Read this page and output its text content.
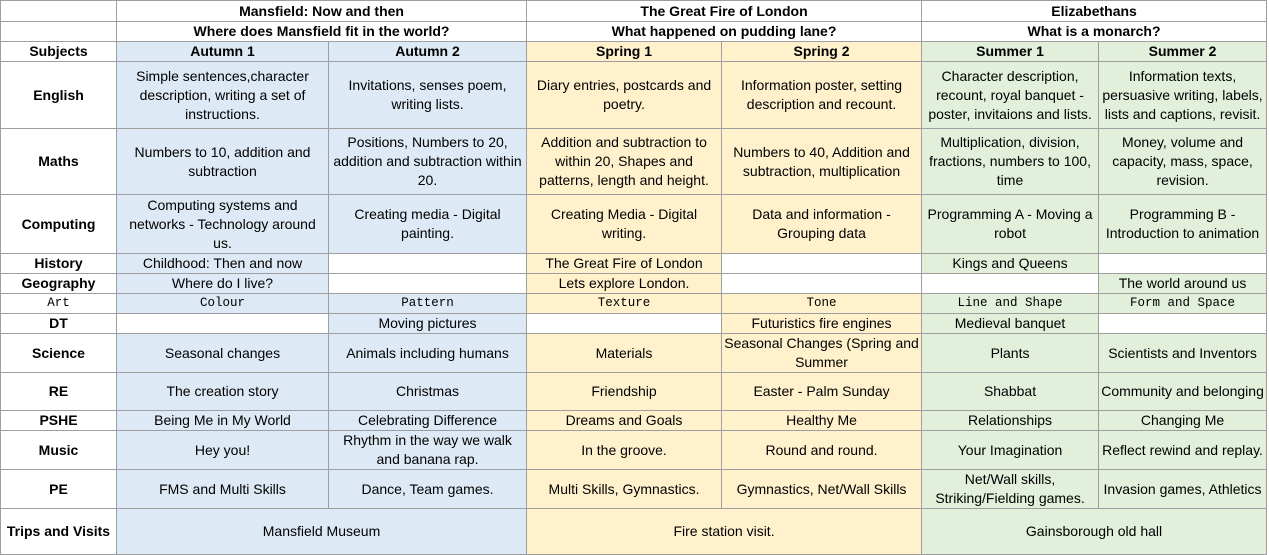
	Mansfield: Now and then		The Great Fire of London		Elizabethans	
	Where does Mansfield fit in the world?		What happened on pudding lane?		What is a monarch?	
Subjects	Autumn 1	Autumn 2	Spring 1	Spring 2	Summer 1	Summer 2
English	Simple sentences,character description, writing a set of instructions.	Invitations, senses poem, writing lists.	Diary entries, postcards and poetry.	Information poster, setting description and recount.	Character description, recount, royal banquet - poster, invitaions and lists.	Information texts, persuasive writing, labels, lists and captions, revisit.
Maths	Numbers to 10, addition and subtraction	Positions, Numbers to 20, addition and subtraction within 20.	Addition and subtraction to within 20, Shapes and patterns, length and height.	Numbers to 40, Addition and subtraction, multiplication	Multiplication, division, fractions, numbers to 100, time	Money, volume and capacity, mass, space, revision.
Computing	Computing systems and networks - Technology around us.	Creating media - Digital painting.	Creating Media - Digital writing.	Data and information - Grouping data	Programming A - Moving a robot	Programming B - Introduction to animation
History	Childhood: Then and now		The Great Fire of London		Kings and Queens	
Geography	Where do I live?		Lets explore London.			The world around us
Art	Colour	Pattern	Texture	Tone	Line and Shape	Form and Space
DT		Moving pictures		Futuristics fire engines	Medieval banquet	
Science	Seasonal changes	Animals including humans	Materials	Seasonal Changes (Spring and Summer	Plants	Scientists and Inventors
RE	The creation story	Christmas	Friendship	Easter - Palm Sunday	Shabbat	Community and belonging
PSHE	Being Me in My World	Celebrating Difference	Dreams and Goals	Healthy Me	Relationships	Changing Me
Music	Hey you!	Rhythm in the way we walk and banana rap.	In the groove.	Round and round.	Your Imagination	Reflect rewind and replay.
PE	FMS and Multi Skills	Dance, Team games.	Multi Skills, Gymnastics.	Gymnastics, Net/Wall Skills	Net/Wall skills, Striking/Fielding games.	Invasion games, Athletics
Trips and Visits	Mansfield Museum		Fire station visit.		Gainsborough old hall	
